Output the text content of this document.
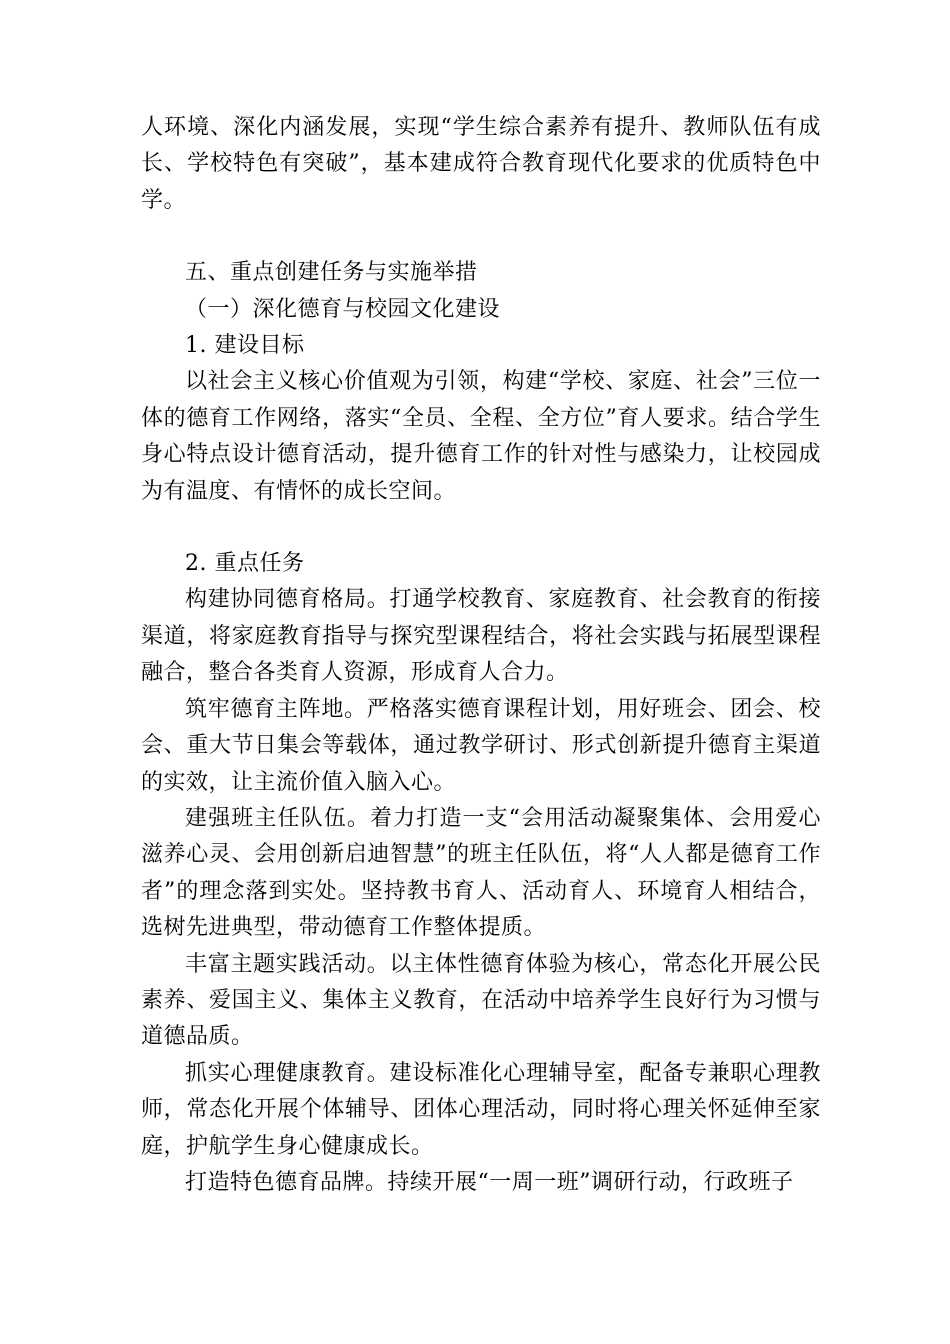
人环境、深化内涵发展，实现“学生综合素养有提升、教师队伍有成长、学校特色有突破”，基本建成符合教育现代化要求的优质特色中学。

五、重点创建任务与实施举措

（一）深化德育与校园文化建设

1. 建设目标

以社会主义核心价值观为引领，构建“学校、家庭、社会”三位一体的德育工作网络，落实“全员、全程、全方位”育人要求。结合学生身心特点设计德育活动，提升德育工作的针对性与感染力，让校园成为有温度、有情怀的成长空间。

2. 重点任务

构建协同德育格局。打通学校教育、家庭教育、社会教育的衔接渠道，将家庭教育指导与探究型课程结合，将社会实践与拓展型课程融合，整合各类育人资源，形成育人合力。

筑牢德育主阵地。严格落实德育课程计划，用好班会、团会、校会、重大节日集会等载体，通过教学研讨、形式创新提升德育主渠道的实效，让主流价值入脑入心。

建强班主任队伍。着力打造一支“会用活动凝聚集体、会用爱心滋养心灵、会用创新启迪智慧”的班主任队伍，将“人人都是德育工作者”的理念落到实处。坚持教书育人、活动育人、环境育人相结合，选树先进典型，带动德育工作整体提质。

丰富主题实践活动。以主体性德育体验为核心，常态化开展公民素养、爱国主义、集体主义教育，在活动中培养学生良好行为习惯与道德品质。

抓实心理健康教育。建设标准化心理辅导室，配备专兼职心理教师，常态化开展个体辅导、团体心理活动，同时将心理关怀延伸至家庭，护航学生身心健康成长。

打造特色德育品牌。持续开展“一周一班”调研行动，行政班子
